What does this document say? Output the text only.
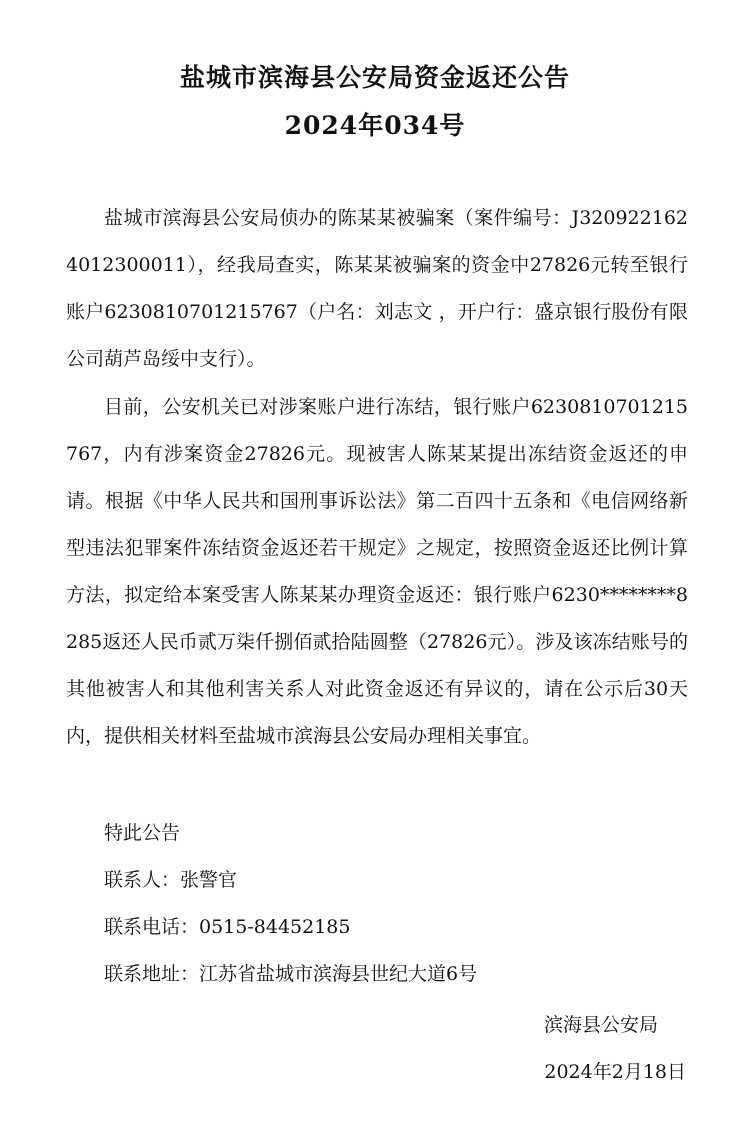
盐城市滨海县公安局资金返还公告
2024年034号
盐城市滨海县公安局侦办的陈某某被骗案（案件编号：J3209221624012300011），经我局查实，陈某某被骗案的资金中27826元转至银行账户6230810701215767（户名：刘志文 ，开户行：盛京银行股份有限公司葫芦岛绥中支行）。
目前，公安机关已对涉案账户进行冻结，银行账户6230810701215767，内有涉案资金27826元。现被害人陈某某提出冻结资金返还的申请。根据《中华人民共和国刑事诉讼法》第二百四十五条和《电信网络新型违法犯罪案件冻结资金返还若干规定》之规定，按照资金返还比例计算方法，拟定给本案受害人陈某某办理资金返还：银行账户6230********8285返还人民币贰万柒仟捌佰贰拾陆圆整（27826元）。涉及该冻结账号的其他被害人和其他利害关系人对此资金返还有异议的，请在公示后30天内，提供相关材料至盐城市滨海县公安局办理相关事宜。
特此公告
联系人：张警官
联系电话：0515-84452185
联系地址：江苏省盐城市滨海县世纪大道6号
滨海县公安局
2024年2月18日
